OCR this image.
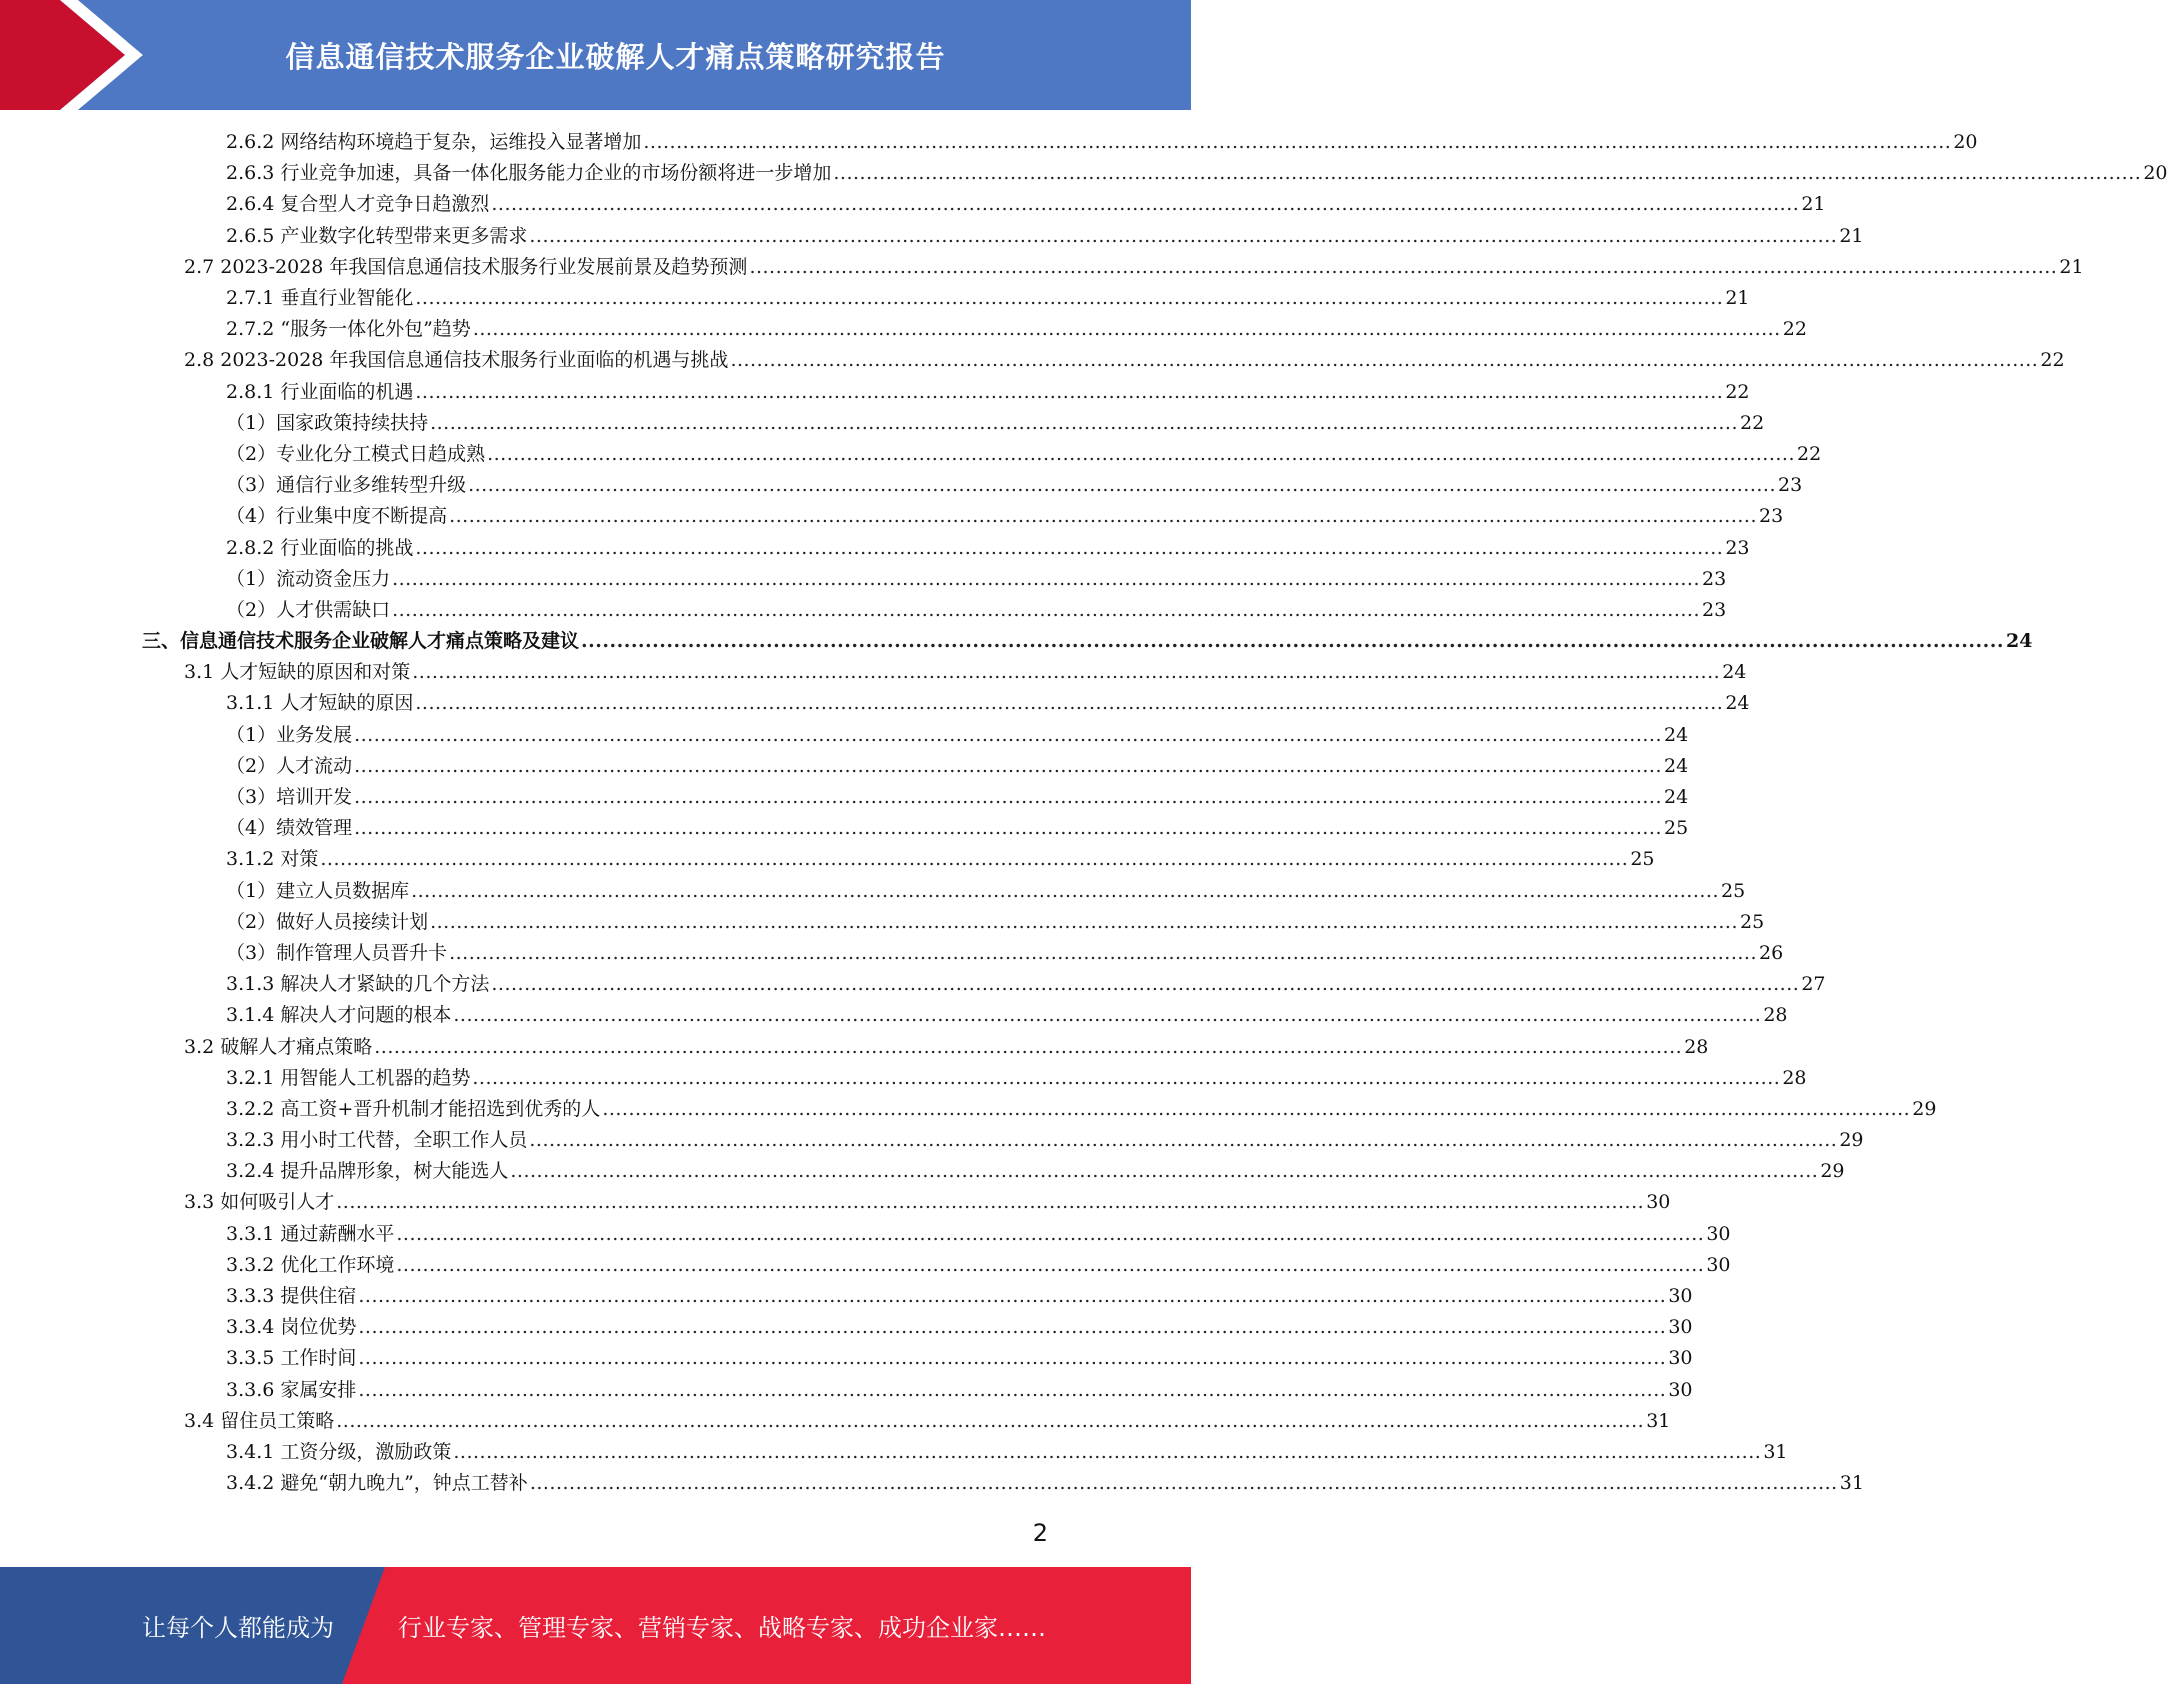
信息通信技术服务企业破解人才痛点策略研究报告
2.6.2 网络结构环境趋于复杂，运维投入显著增加 ........................................................................................................................................................................................................ 20
2.6.3 行业竞争加速，具备一体化服务能力企业的市场份额将进一步增加 ........................................................................................................................................................................................................ 20
2.6.4 复合型人才竞争日趋激烈 ........................................................................................................................................................................................................ 21
2.6.5 产业数字化转型带来更多需求 ........................................................................................................................................................................................................ 21
2.7 2023-2028 年我国信息通信技术服务行业发展前景及趋势预测 ........................................................................................................................................................................................................ 21
2.7.1 垂直行业智能化 ........................................................................................................................................................................................................ 21
2.7.2 “服务一体化外包”趋势 ........................................................................................................................................................................................................ 22
2.8 2023-2028 年我国信息通信技术服务行业面临的机遇与挑战 ........................................................................................................................................................................................................ 22
2.8.1 行业面临的机遇 ........................................................................................................................................................................................................ 22
（1）国家政策持续扶持 ........................................................................................................................................................................................................ 22
（2）专业化分工模式日趋成熟 ........................................................................................................................................................................................................ 22
（3）通信行业多维转型升级 ........................................................................................................................................................................................................ 23
（4）行业集中度不断提高 ........................................................................................................................................................................................................ 23
2.8.2 行业面临的挑战 ........................................................................................................................................................................................................ 23
（1）流动资金压力 ........................................................................................................................................................................................................ 23
（2）人才供需缺口 ........................................................................................................................................................................................................ 23
三、信息通信技术服务企业破解人才痛点策略及建议 ........................................................................................................................................................................................................ 24
3.1 人才短缺的原因和对策 ........................................................................................................................................................................................................ 24
3.1.1 人才短缺的原因 ........................................................................................................................................................................................................ 24
（1）业务发展 ........................................................................................................................................................................................................ 24
（2）人才流动 ........................................................................................................................................................................................................ 24
（3）培训开发 ........................................................................................................................................................................................................ 24
（4）绩效管理 ........................................................................................................................................................................................................ 25
3.1.2 对策 ........................................................................................................................................................................................................ 25
（1）建立人员数据库 ........................................................................................................................................................................................................ 25
（2）做好人员接续计划 ........................................................................................................................................................................................................ 25
（3）制作管理人员晋升卡 ........................................................................................................................................................................................................ 26
3.1.3 解决人才紧缺的几个方法 ........................................................................................................................................................................................................ 27
3.1.4 解决人才问题的根本 ........................................................................................................................................................................................................ 28
3.2 破解人才痛点策略 ........................................................................................................................................................................................................ 28
3.2.1 用智能人工机器的趋势 ........................................................................................................................................................................................................ 28
3.2.2 高工资+晋升机制才能招选到优秀的人 ........................................................................................................................................................................................................ 29
3.2.3 用小时工代替，全职工作人员 ........................................................................................................................................................................................................ 29
3.2.4 提升品牌形象，树大能选人 ........................................................................................................................................................................................................ 29
3.3 如何吸引人才 ........................................................................................................................................................................................................ 30
3.3.1 通过薪酬水平 ........................................................................................................................................................................................................ 30
3.3.2 优化工作环境 ........................................................................................................................................................................................................ 30
3.3.3 提供住宿 ........................................................................................................................................................................................................ 30
3.3.4 岗位优势 ........................................................................................................................................................................................................ 30
3.3.5 工作时间 ........................................................................................................................................................................................................ 30
3.3.6 家属安排 ........................................................................................................................................................................................................ 30
3.4 留住员工策略 ........................................................................................................................................................................................................ 31
3.4.1 工资分级，激励政策 ........................................................................................................................................................................................................ 31
3.4.2 避免“朝九晚九”，钟点工替补 ........................................................................................................................................................................................................ 31
2
让每个人都能成为	行业专家、管理专家、营销专家、战略专家、成功企业家……
